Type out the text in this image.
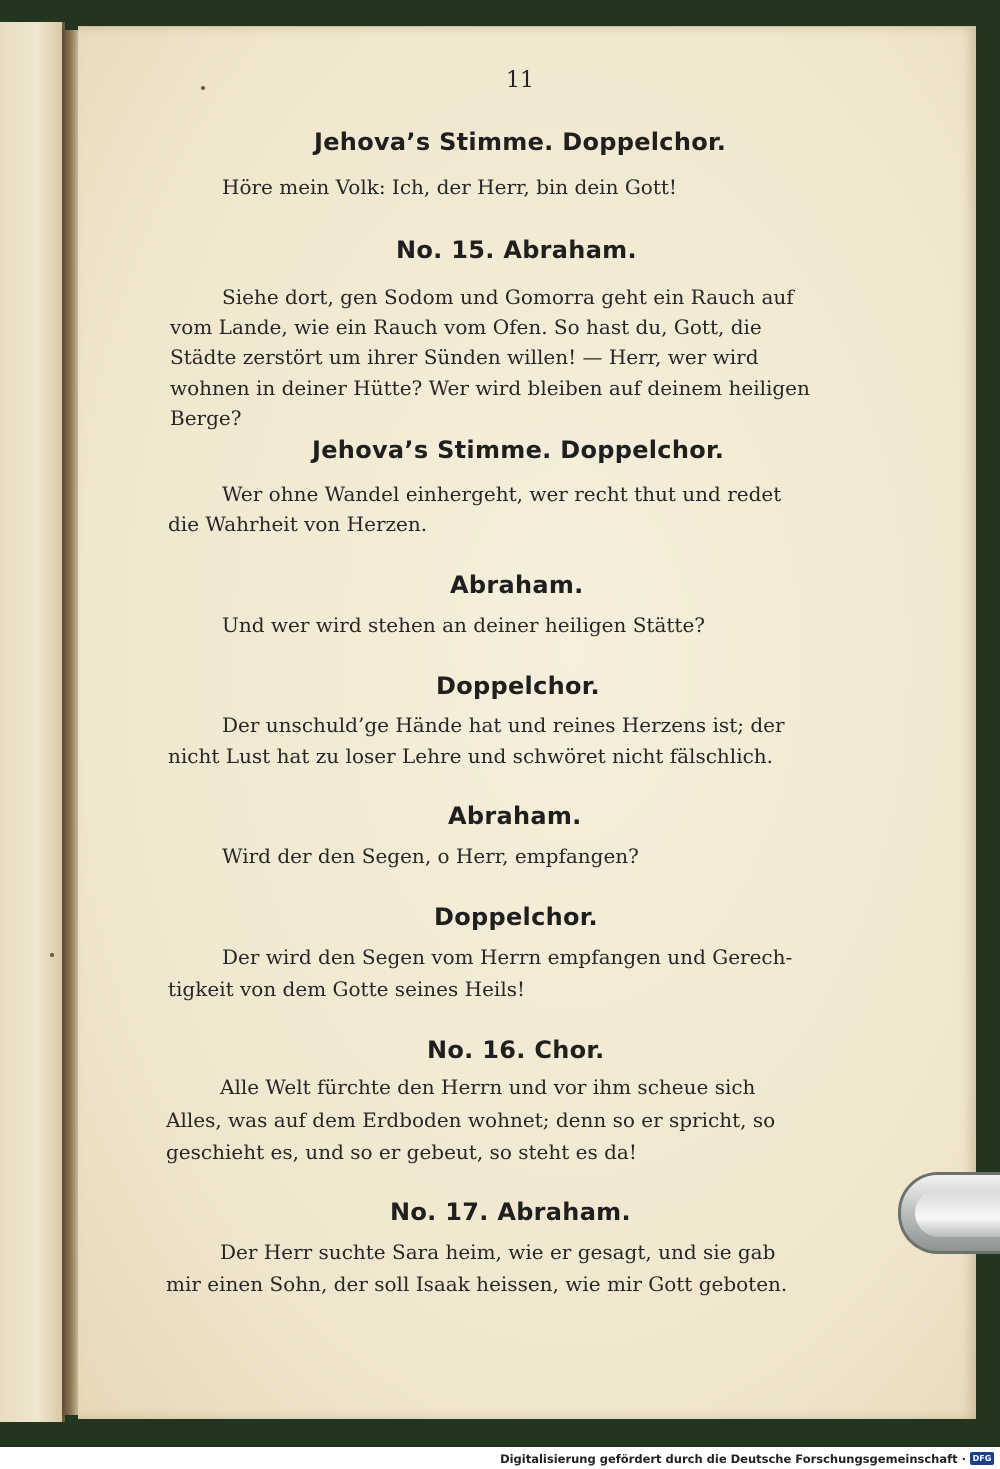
11
Jehova’s Stimme. Doppelchor.
Höre mein Volk: Ich, der Herr, bin dein Gott!
No. 15. Abraham.
Siehe dort, gen Sodom und Gomorra geht ein Rauch auf
vom Lande, wie ein Rauch vom Ofen. So hast du, Gott, die
Städte zerstört um ihrer Sünden willen! — Herr, wer wird
wohnen in deiner Hütte? Wer wird bleiben auf deinem heiligen
Berge?
Jehova’s Stimme. Doppelchor.
Wer ohne Wandel einhergeht, wer recht thut und redet
die Wahrheit von Herzen.
Abraham.
Und wer wird stehen an deiner heiligen Stätte?
Doppelchor.
Der unschuld’ge Hände hat und reines Herzens ist; der
nicht Lust hat zu loser Lehre und schwöret nicht fälschlich.
Abraham.
Wird der den Segen, o Herr, empfangen?
Doppelchor.
Der wird den Segen vom Herrn empfangen und Gerech-
tigkeit von dem Gotte seines Heils!
No. 16. Chor.
Alle Welt fürchte den Herrn und vor ihm scheue sich
Alles, was auf dem Erdboden wohnet; denn so er spricht, so
geschieht es, und so er gebeut, so steht es da!
No. 17. Abraham.
Der Herr suchte Sara heim, wie er gesagt, und sie gab
mir einen Sohn, der soll Isaak heissen, wie mir Gott geboten.
Digitalisierung gefördert durch die Deutsche Forschungsgemeinschaft · DFG
